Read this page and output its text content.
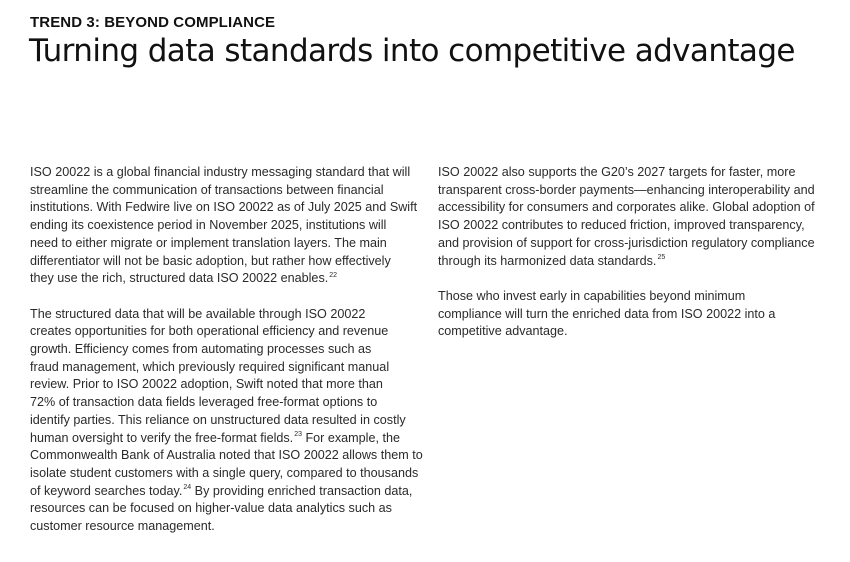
TREND 3: BEYOND COMPLIANCE
Turning data standards into competitive advantage

ISO 20022 is a global financial industry messaging standard that will
streamline the communication of transactions between financial
institutions. With Fedwire live on ISO 20022 as of July 2025 and Swift
ending its coexistence period in November 2025, institutions will
need to either migrate or implement translation layers. The main
differentiator will not be basic adoption, but rather how effectively
they use the rich, structured data ISO 20022 enables.$^{22}$

The structured data that will be available through ISO 20022
creates opportunities for both operational efficiency and revenue
growth. Efficiency comes from automating processes such as
fraud management, which previously required significant manual
review. Prior to ISO 20022 adoption, Swift noted that more than
72% of transaction data fields leveraged free-format options to
identify parties. This reliance on unstructured data resulted in costly
human oversight to verify the free-format fields.$^{23}$ For example, the
Commonwealth Bank of Australia noted that ISO 20022 allows them to
isolate student customers with a single query, compared to thousands
of keyword searches today.$^{24}$ By providing enriched transaction data,
resources can be focused on higher-value data analytics such as
customer resource management.

ISO 20022 also supports the G20’s 2027 targets for faster, more
transparent cross-border payments—enhancing interoperability and
accessibility for consumers and corporates alike. Global adoption of
ISO 20022 contributes to reduced friction, improved transparency,
and provision of support for cross-jurisdiction regulatory compliance
through its harmonized data standards.$^{25}$

Those who invest early in capabilities beyond minimum
compliance will turn the enriched data from ISO 20022 into a
competitive advantage.
